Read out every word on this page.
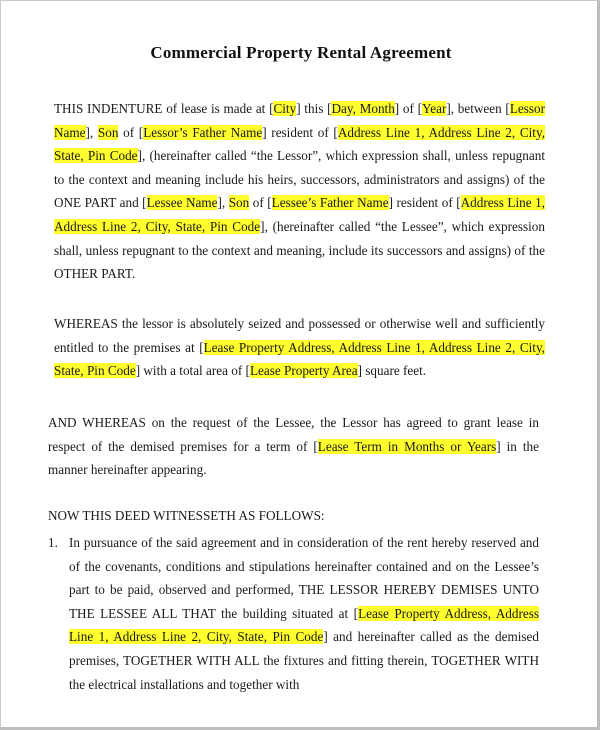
Commercial Property Rental Agreement
THIS INDENTURE of lease is made at [City] this [Day, Month] of [Year], between [Lessor Name], Son of [Lessor’s Father Name] resident of [Address Line 1, Address Line 2, City, State, Pin Code], (hereinafter called “the Lessor”, which expression shall, unless repugnant to the context and meaning include his heirs, successors, administrators and assigns) of the ONE PART and [Lessee Name], Son of [Lessee’s Father Name] resident of [Address Line 1, Address Line 2, City, State, Pin Code], (hereinafter called “the Lessee”, which expression shall, unless repugnant to the context and meaning, include its successors and assigns) of the OTHER PART.
WHEREAS the lessor is absolutely seized and possessed or otherwise well and sufficiently entitled to the premises at [Lease Property Address, Address Line 1, Address Line 2, City, State, Pin Code] with a total area of [Lease Property Area] square feet.
AND WHEREAS on the request of the Lessee, the Lessor has agreed to grant lease in respect of the demised premises for a term of [Lease Term in Months or Years] in the manner hereinafter appearing.
NOW THIS DEED WITNESSETH AS FOLLOWS:
1. In pursuance of the said agreement and in consideration of the rent hereby reserved and of the covenants, conditions and stipulations hereinafter contained and on the Lessee’s part to be paid, observed and performed, THE LESSOR HEREBY DEMISES UNTO THE LESSEE ALL THAT the building situated at [Lease Property Address, Address Line 1, Address Line 2, City, State, Pin Code] and hereinafter called as the demised premises, TOGETHER WITH ALL the fixtures and fitting therein, TOGETHER WITH the electrical installations and together with
